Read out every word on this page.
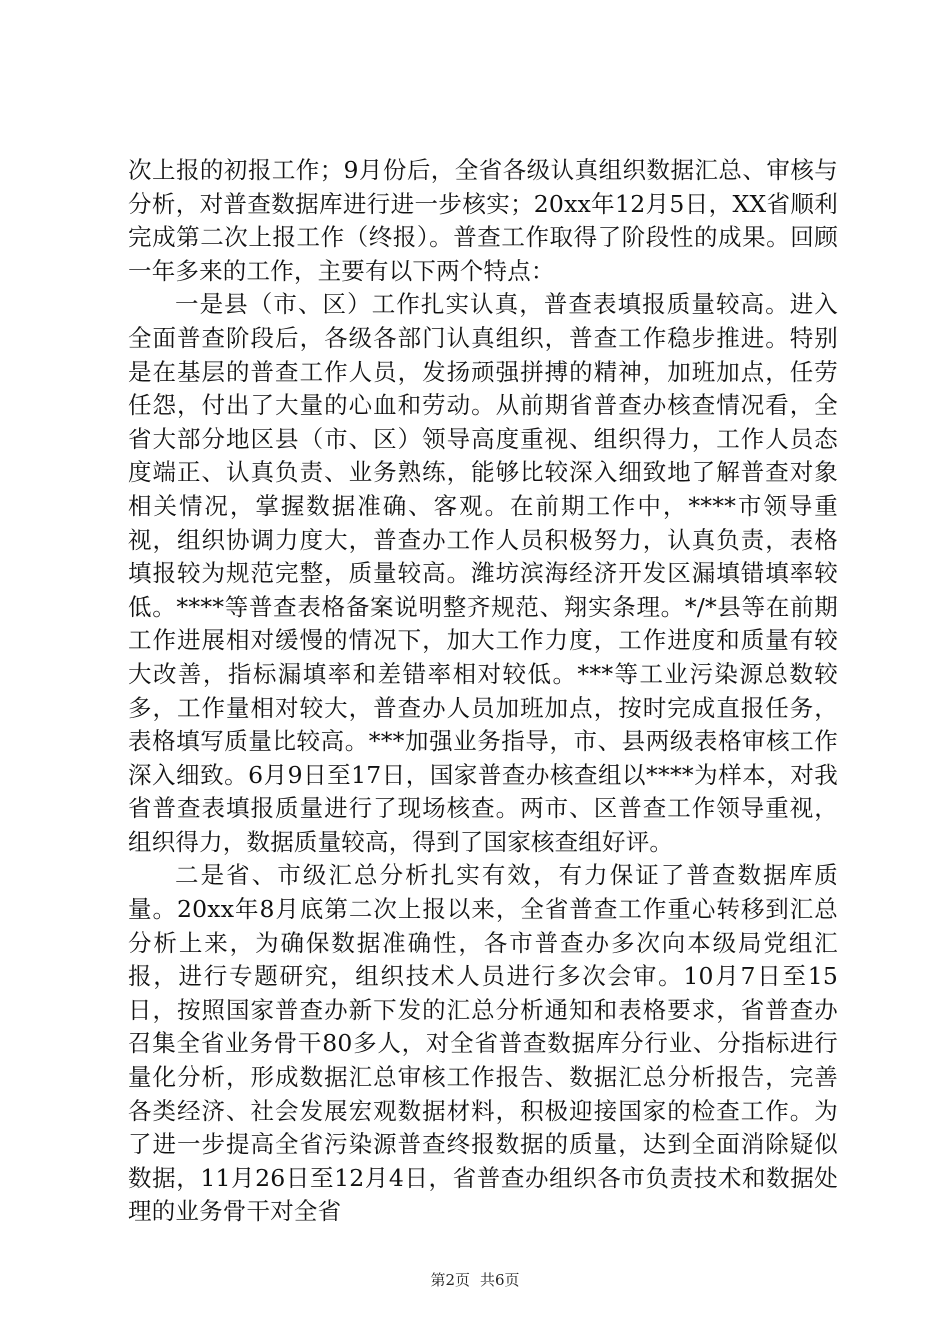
次上报的初报工作；9月份后，全省各级认真组织数据汇总、审核与分析，对普查数据库进行进一步核实；20xx年12月5日，XX省顺利完成第二次上报工作（终报）。普查工作取得了阶段性的成果。回顾一年多来的工作，主要有以下两个特点：

一是县（市、区）工作扎实认真，普查表填报质量较高。进入全面普查阶段后，各级各部门认真组织，普查工作稳步推进。特别是在基层的普查工作人员，发扬顽强拼搏的精神，加班加点，任劳任怨，付出了大量的心血和劳动。从前期省普查办核查情况看，全省大部分地区县（市、区）领导高度重视、组织得力，工作人员态度端正、认真负责、业务熟练，能够比较深入细致地了解普查对象相关情况，掌握数据准确、客观。在前期工作中，****市领导重视，组织协调力度大，普查办工作人员积极努力，认真负责，表格填报较为规范完整，质量较高。潍坊滨海经济开发区漏填错填率较低。****等普查表格备案说明整齐规范、翔实条理。*/*县等在前期工作进展相对缓慢的情况下，加大工作力度，工作进度和质量有较大改善，指标漏填率和差错率相对较低。***等工业污染源总数较多，工作量相对较大，普查办人员加班加点，按时完成直报任务，表格填写质量比较高。***加强业务指导，市、县两级表格审核工作深入细致。6月9日至17日，国家普查办核查组以****为样本，对我省普查表填报质量进行了现场核查。两市、区普查工作领导重视，组织得力，数据质量较高，得到了国家核查组好评。

二是省、市级汇总分析扎实有效，有力保证了普查数据库质量。20xx年8月底第二次上报以来，全省普查工作重心转移到汇总分析上来，为确保数据准确性，各市普查办多次向本级局党组汇报，进行专题研究，组织技术人员进行多次会审。10月7日至15日，按照国家普查办新下发的汇总分析通知和表格要求，省普查办召集全省业务骨干80多人，对全省普查数据库分行业、分指标进行量化分析，形成数据汇总审核工作报告、数据汇总分析报告，完善各类经济、社会发展宏观数据材料，积极迎接国家的检查工作。为了进一步提高全省污染源普查终报数据的质量，达到全面消除疑似数据，11月26日至12月4日，省普查办组织各市负责技术和数据处理的业务骨干对全省

第2页 共6页
